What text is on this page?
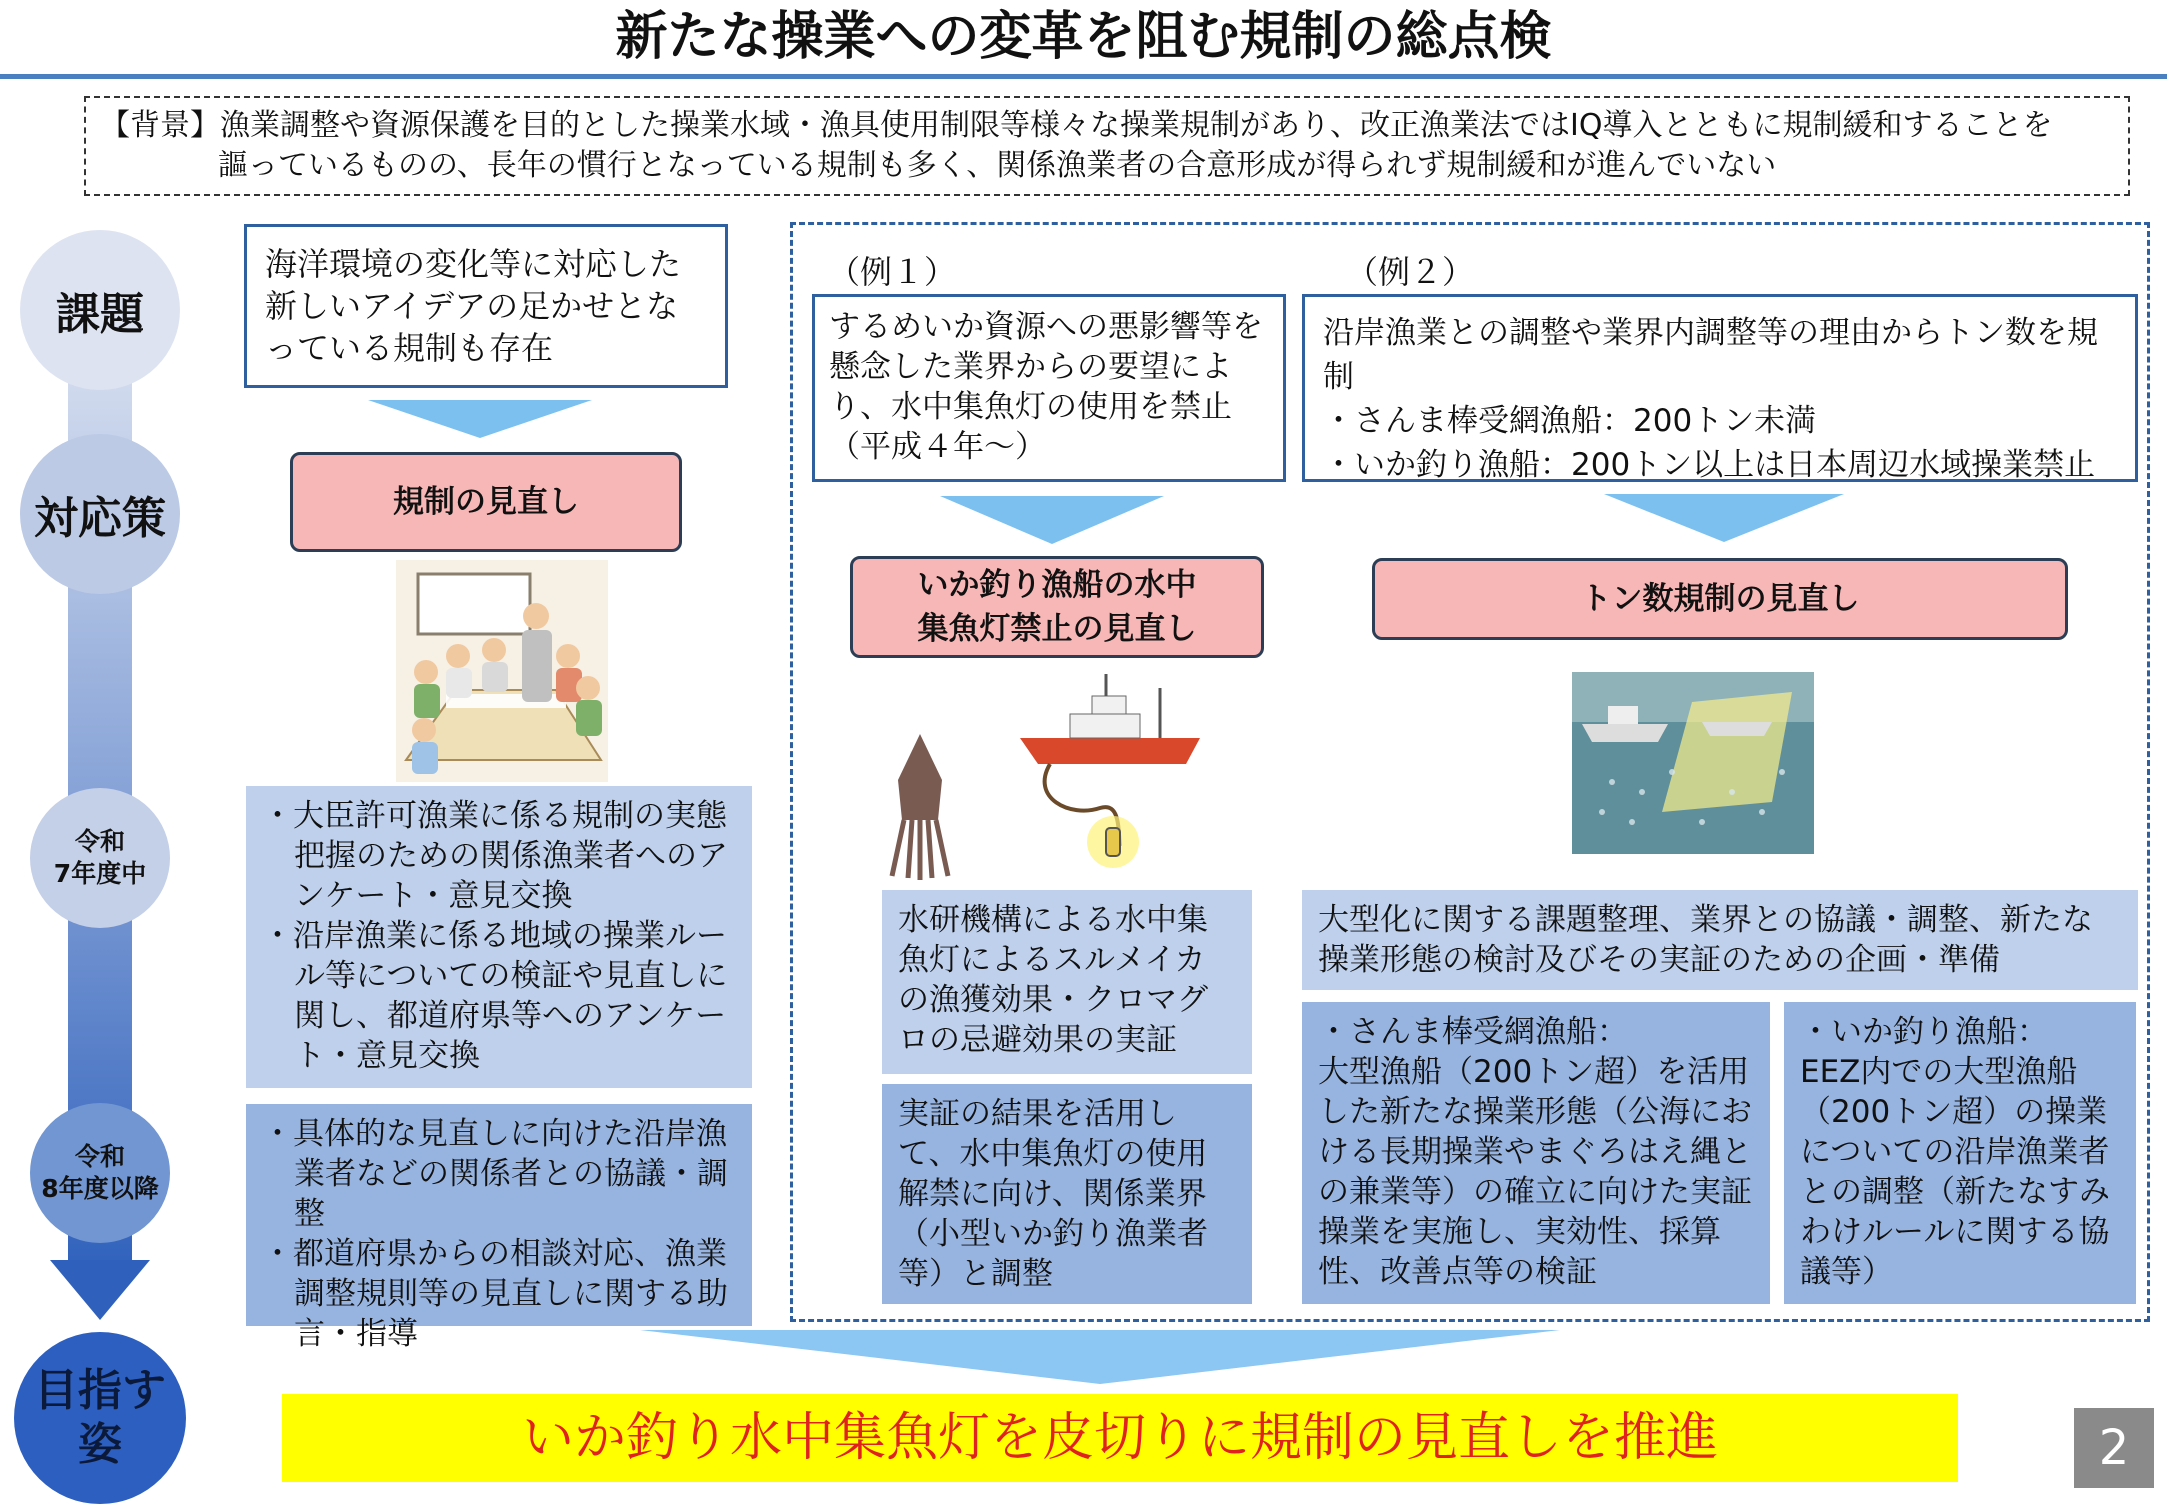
新たな操業への変革を阻む規制の総点検
【背景】漁業調整や資源保護を目的とした操業水域・漁具使用制限等様々な操業規制があり、改正漁業法ではIQ導入とともに規制緩和することを
謳っているものの、長年の慣行となっている規制も多く、関係漁業者の合意形成が得られず規制緩和が進んでいない
課題
対応策
令和
7年度中
令和
8年度以降
目指す
姿
海洋環境の変化等に対応した新しいアイデアの足かせとなっている規制も存在
規制の見直し
・大臣許可漁業に係る規制の実態把握のための関係漁業者へのアンケート・意見交換
・沿岸漁業に係る地域の操業ルール等についての検証や見直しに関し、都道府県等へのアンケート・意見交換
・具体的な見直しに向けた沿岸漁業者などの関係者との協議・調整
・都道府県からの相談対応、漁業調整規則等の見直しに関する助言・指導
（例１）
するめいか資源への悪影響等を懸念した業界からの要望により、水中集魚灯の使用を禁止（平成４年～）
いか釣り漁船の水中
集魚灯禁止の見直し
水研機構による水中集魚灯によるスルメイカの漁獲効果・クロマグロの忌避効果の実証
実証の結果を活用して、水中集魚灯の使用解禁に向け、関係業界（小型いか釣り漁業者等）と調整
（例２）
沿岸漁業との調整や業界内調整等の理由からトン数を規制
・さんま棒受網漁船：200トン未満
・いか釣り漁船：200トン以上は日本周辺水域操業禁止
トン数規制の見直し
大型化に関する課題整理、業界との協議・調整、新たな操業形態の検討及びその実証のための企画・準備
・さんま棒受網漁船：
大型漁船（200トン超）を活用した新たな操業形態（公海における長期操業やまぐろはえ縄との兼業等）の確立に向けた実証操業を実施し、実効性、採算性、改善点等の検証
・いか釣り漁船：
EEZ内での大型漁船（200トン超）の操業についての沿岸漁業者との調整（新たなすみわけルールに関する協議等）
いか釣り水中集魚灯を皮切りに規制の見直しを推進	2
